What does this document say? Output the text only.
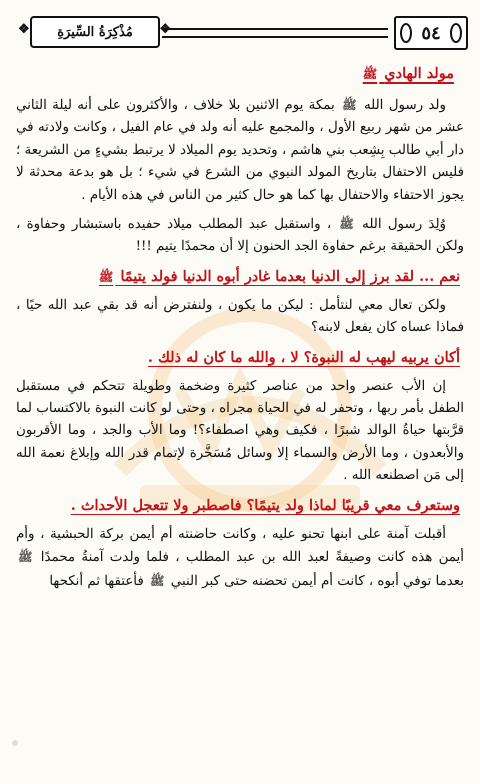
٥٤
❖ مُذْكِرَةُ السِّيرَةِ ❖
مولد الهادي ﷺ

ولد رسول الله ﷺ بمكة يوم الاثنين بلا خلاف ، والأكثرون على أنه ليلة الثاني عشر من شهر ربيع الأول ، والمجمع عليه أنه ولد في عام الفيل ، وكانت ولادته في دار أبي طالب بِشِعب بني هاشم ، وتحديد يوم الميلاد لا يرتبط بشيءٍ من الشريعة ؛ فليس الاحتفال بتاريخ المولد النبوي من الشرع في شيء ؛ بل هو بدعة محدثة لا يجوز الاحتفاء والاحتفال بها كما هو حال كثير من الناس في هذه الأيام .

وُلِدَ رسول الله ﷺ ، واستقبل عبد المطلب ميلاد حفيده باستبشار وحفاوة ، ولكن الحقيقة برغم حفاوة الجد الحنون إلا أن محمدًا يتيم !!!

نعم ... لقد برز إلى الدنيا بعدما غادر أبوه الدنيا فولد يتيمًا ﷺ

ولكن تعال معي لنتأمل : ليكن ما يكون ، ولنفترض أنه قد بقي عبد الله حيًا ، فماذا عساه كان يفعل لابنه؟

أكان يربيه ليهب له النبوة؟ لا ، والله ما كان له ذلك .

إن الأب عنصر واحد من عناصر كثيرة وضخمة وطويلة تتحكم في مستقبل الطفل بأمر ربها ، وتحفر له في الحياة مجراه ، وحتى لو كانت النبوة بالاكتساب لما قرَّبتها حياةُ الوالد شبرًا ، فكيف وهي اصطفاء؟! وما الأب والجد ، وما الأقربون والأبعدون ، وما الأرض والسماء إلا وسائل مُسَخَّرة لإتمام قدر الله وإبلاغ نعمة الله إلى مَن اصطنعه الله .

وستعرف معي قريبًا لماذا ولد يتيمًا؟ فاصطبر ولا تتعجل الأحداث .

أقبلت آمنة على ابنها تحنو عليه ، وكانت حاضنته أم أيمن بركة الحبشية ، وأم أيمن هذه كانت وصيفةً لعبد الله بن عبد المطلب ، فلما ولدت آمنةُ محمدًا ﷺ بعدما توفي أبوه ، كانت أم أيمن تحضنه حتى كبر النبي ﷺ فأعتقها ثم أنكحها
